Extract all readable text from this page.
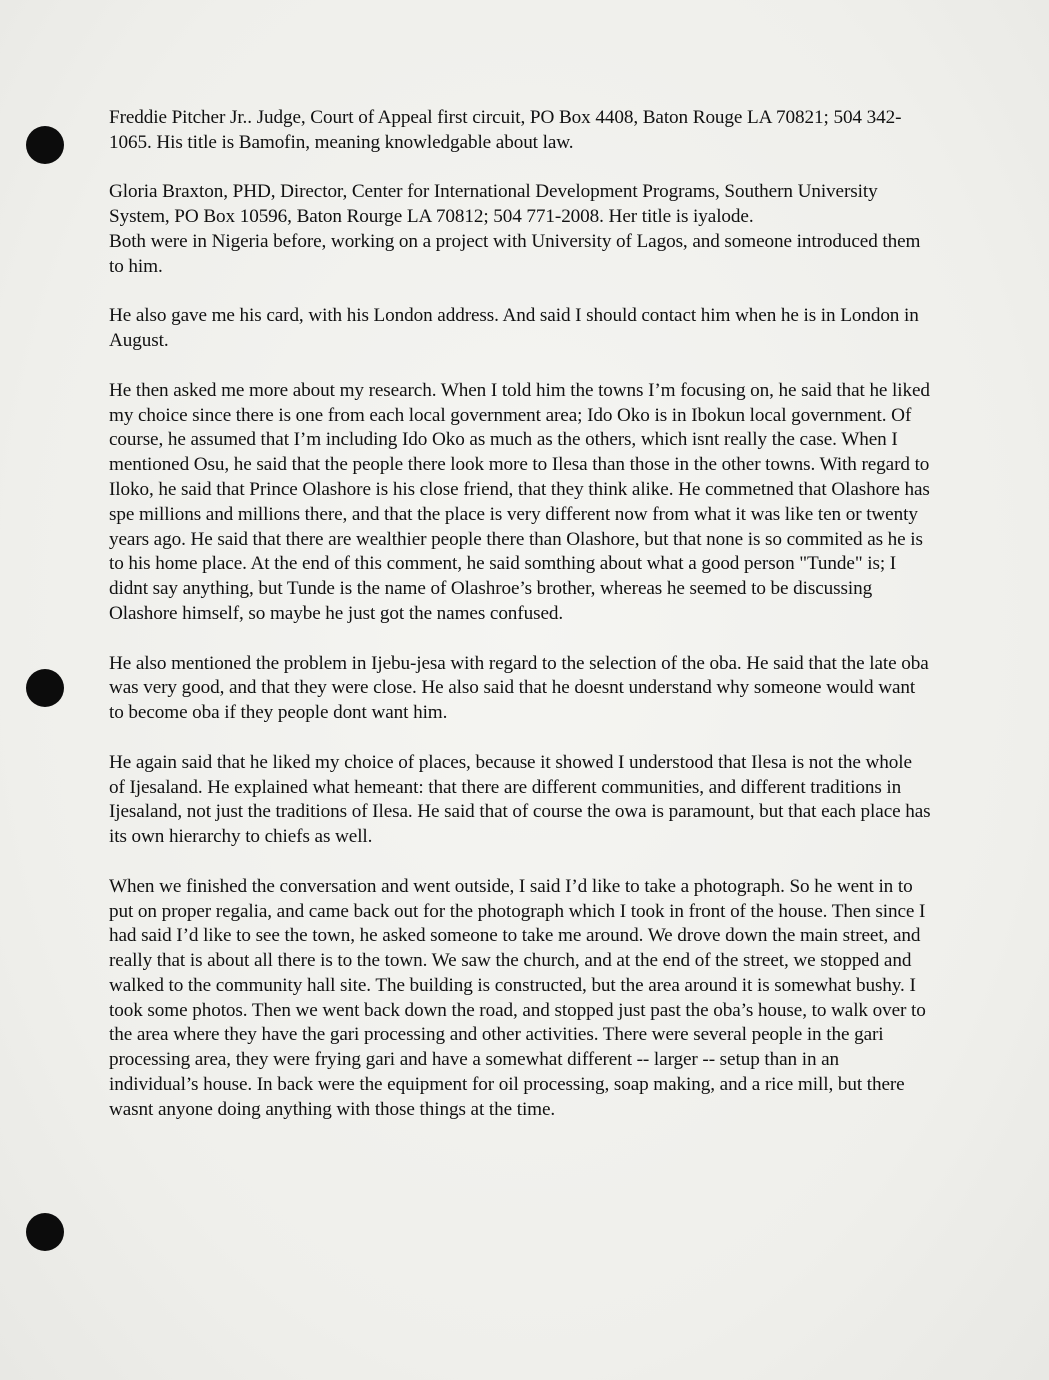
Freddie Pitcher Jr.. Judge, Court of Appeal first circuit, PO Box 4408, Baton Rouge LA 70821; 504 342-1065. His title is Bamofin, meaning knowledgable about law.

Gloria Braxton, PHD, Director, Center for International Development Programs, Southern University System, PO Box 10596, Baton Rourge LA 70812; 504 771-2008. Her title is iyalode.

Both were in Nigeria before, working on a project with University of Lagos, and someone introduced them to him.

He also gave me his card, with his London address. And said I should contact him when he is in London in August.

He then asked me more about my research. When I told him the towns I’m focusing on, he said that he liked my choice since there is one from each local government area; Ido Oko is in Ibokun local government. Of course, he assumed that I’m including Ido Oko as much as the others, which isnt really the case. When I mentioned Osu, he said that the people there look more to Ilesa than those in the other towns. With regard to Iloko, he said that Prince Olashore is his close friend, that they think alike. He commetned that Olashore has spe millions and millions there, and that the place is very different now from what it was like ten or twenty years ago. He said that there are wealthier people there than Olashore, but that none is so commited as he is to his home place. At the end of this comment, he said somthing about what a good person "Tunde" is; I didnt say anything, but Tunde is the name of Olashroe’s brother, whereas he seemed to be discussing Olashore himself, so maybe he just got the names confused.

He also mentioned the problem in Ijebu-jesa with regard to the selection of the oba. He said that the late oba was very good, and that they were close. He also said that he doesnt understand why someone would want to become oba if they people dont want him.

He again said that he liked my choice of places, because it showed I understood that Ilesa is not the whole of Ijesaland. He explained what hemeant: that there are different communities, and different traditions in Ijesaland, not just the traditions of Ilesa. He said that of course the owa is paramount, but that each place has its own hierarchy to chiefs as well.

When we finished the conversation and went outside, I said I’d like to take a photograph. So he went in to put on proper regalia, and came back out for the photograph which I took in front of the house. Then since I had said I’d like to see the town, he asked someone to take me around. We drove down the main street, and really that is about all there is to the town. We saw the church, and at the end of the street, we stopped and walked to the community hall site. The building is constructed, but the area around it is somewhat bushy. I took some photos. Then we went back down the road, and stopped just past the oba’s house, to walk over to the area where they have the gari processing and other activities. There were several people in the gari processing area, they were frying gari and have a somewhat different -- larger -- setup than in an individual’s house. In back were the equipment for oil processing, soap making, and a rice mill, but there wasnt anyone doing anything with those things at the time.
